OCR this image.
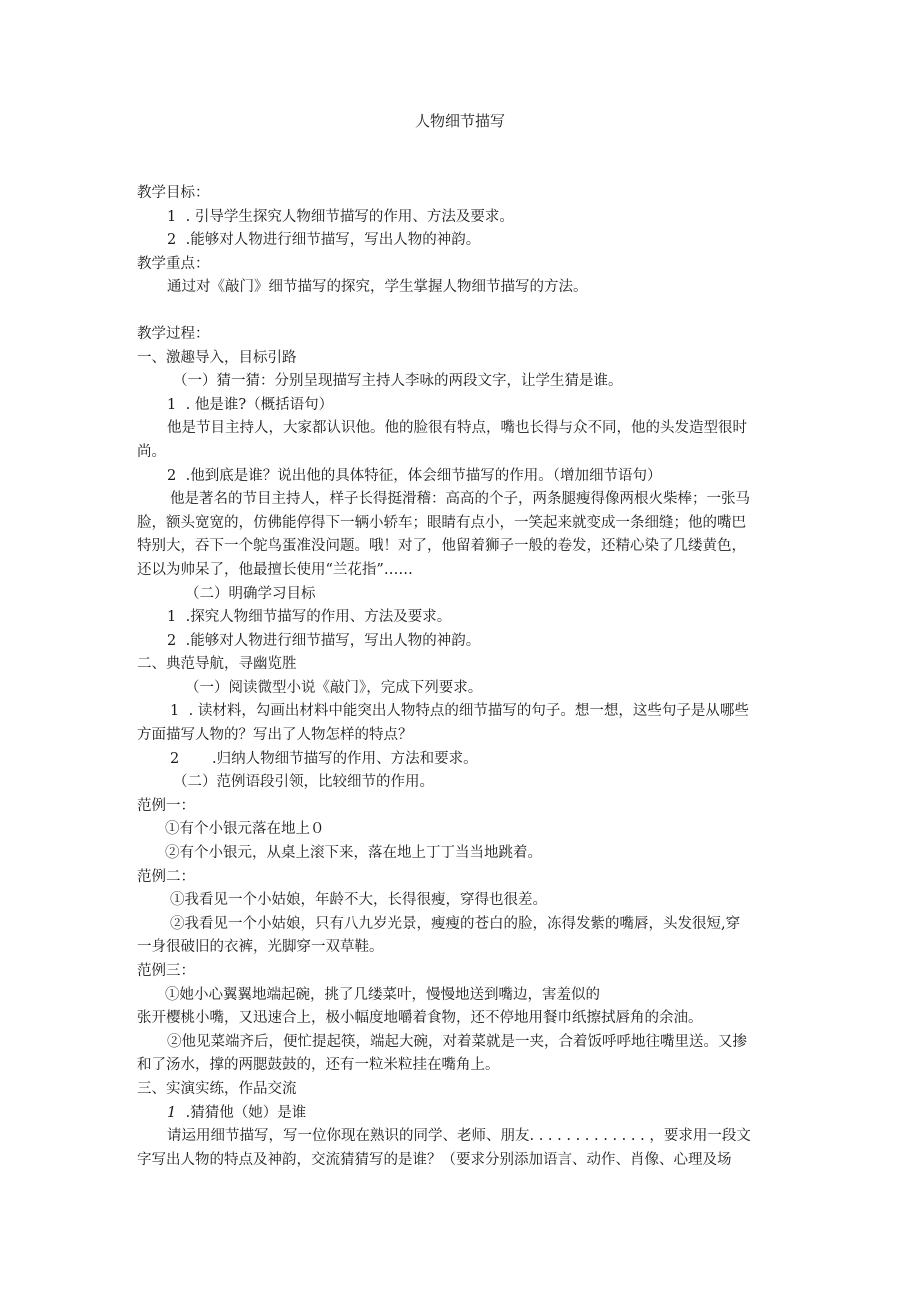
人物细节描写

教学目标：

1 . 引导学生探究人物细节描写的作用、方法及要求。

2 .能够对人物进行细节描写，写出人物的神韵。

教学重点：

通过对《敲门》细节描写的探究，学生掌握人物细节描写的方法。

教学过程：

一、激趣导入，目标引路

（一）猜一猜：分别呈现描写主持人李咏的两段文字，让学生猜是谁。

1 . 他是谁?（概括语句）

他是节目主持人，大家都认识他。他的脸很有特点，嘴也长得与众不同，他的头发造型很时

尚。

2 .他到底是谁？说出他的具体特征，体会细节描写的作用。（增加细节语句）

他是著名的节目主持人，样子长得挺滑稽：高高的个子，两条腿瘦得像两根火柴棒；一张马

脸，额头宽宽的，仿佛能停得下一辆小轿车；眼睛有点小，一笑起来就变成一条细缝；他的嘴巴

特别大，吞下一个鸵鸟蛋准没问题。哦！对了，他留着狮子一般的卷发，还精心染了几缕黄色，

还以为帅呆了，他最擅长使用“兰花指”……

（二）明确学习目标

1 .探究人物细节描写的作用、方法及要求。

2 .能够对人物进行细节描写，写出人物的神韵。

二、典范导航，寻幽览胜

（一）阅读微型小说《敲门》，完成下列要求。

1 . 读材料，勾画出材料中能突出人物特点的细节描写的句子。想一想，这些句子是从哪些

方面描写人物的？写出了人物怎样的特点？

2 .归纳人物细节描写的作用、方法和要求。

（二）范例语段引领，比较细节的作用。

范例一：

①有个小银元落在地上０

②有个小银元，从桌上滚下来，落在地上丁丁当当地跳着。

范例二：

①我看见一个小姑娘，年龄不大，长得很瘦，穿得也很差。

②我看见一个小姑娘，只有八九岁光景，瘦瘦的苍白的脸，冻得发紫的嘴唇，头发很短,穿

一身很破旧的衣裤，光脚穿一双草鞋。

范例三：

①她小心翼翼地端起碗，挑了几缕菜叶，慢慢地送到嘴边，害羞似的

张开樱桃小嘴，又迅速合上，极小幅度地嚼着食物，还不停地用餐巾纸擦拭唇角的余油。

②他见菜端齐后，便忙提起筷，端起大碗，对着菜就是一夹，合着饭呼呼地往嘴里送。又掺

和了汤水，撑的两腮鼓鼓的，还有一粒米粒挂在嘴角上。

三、实演实练，作品交流

1 .猜猜他（她）是谁

请运用细节描写，写一位你现在熟识的同学、老师、朋友. . . . . . . . . . . . . ，要求用一段文

字写出人物的特点及神韵，交流猜猜写的是谁？（要求分别添加语言、动作、肖像、心理及场
